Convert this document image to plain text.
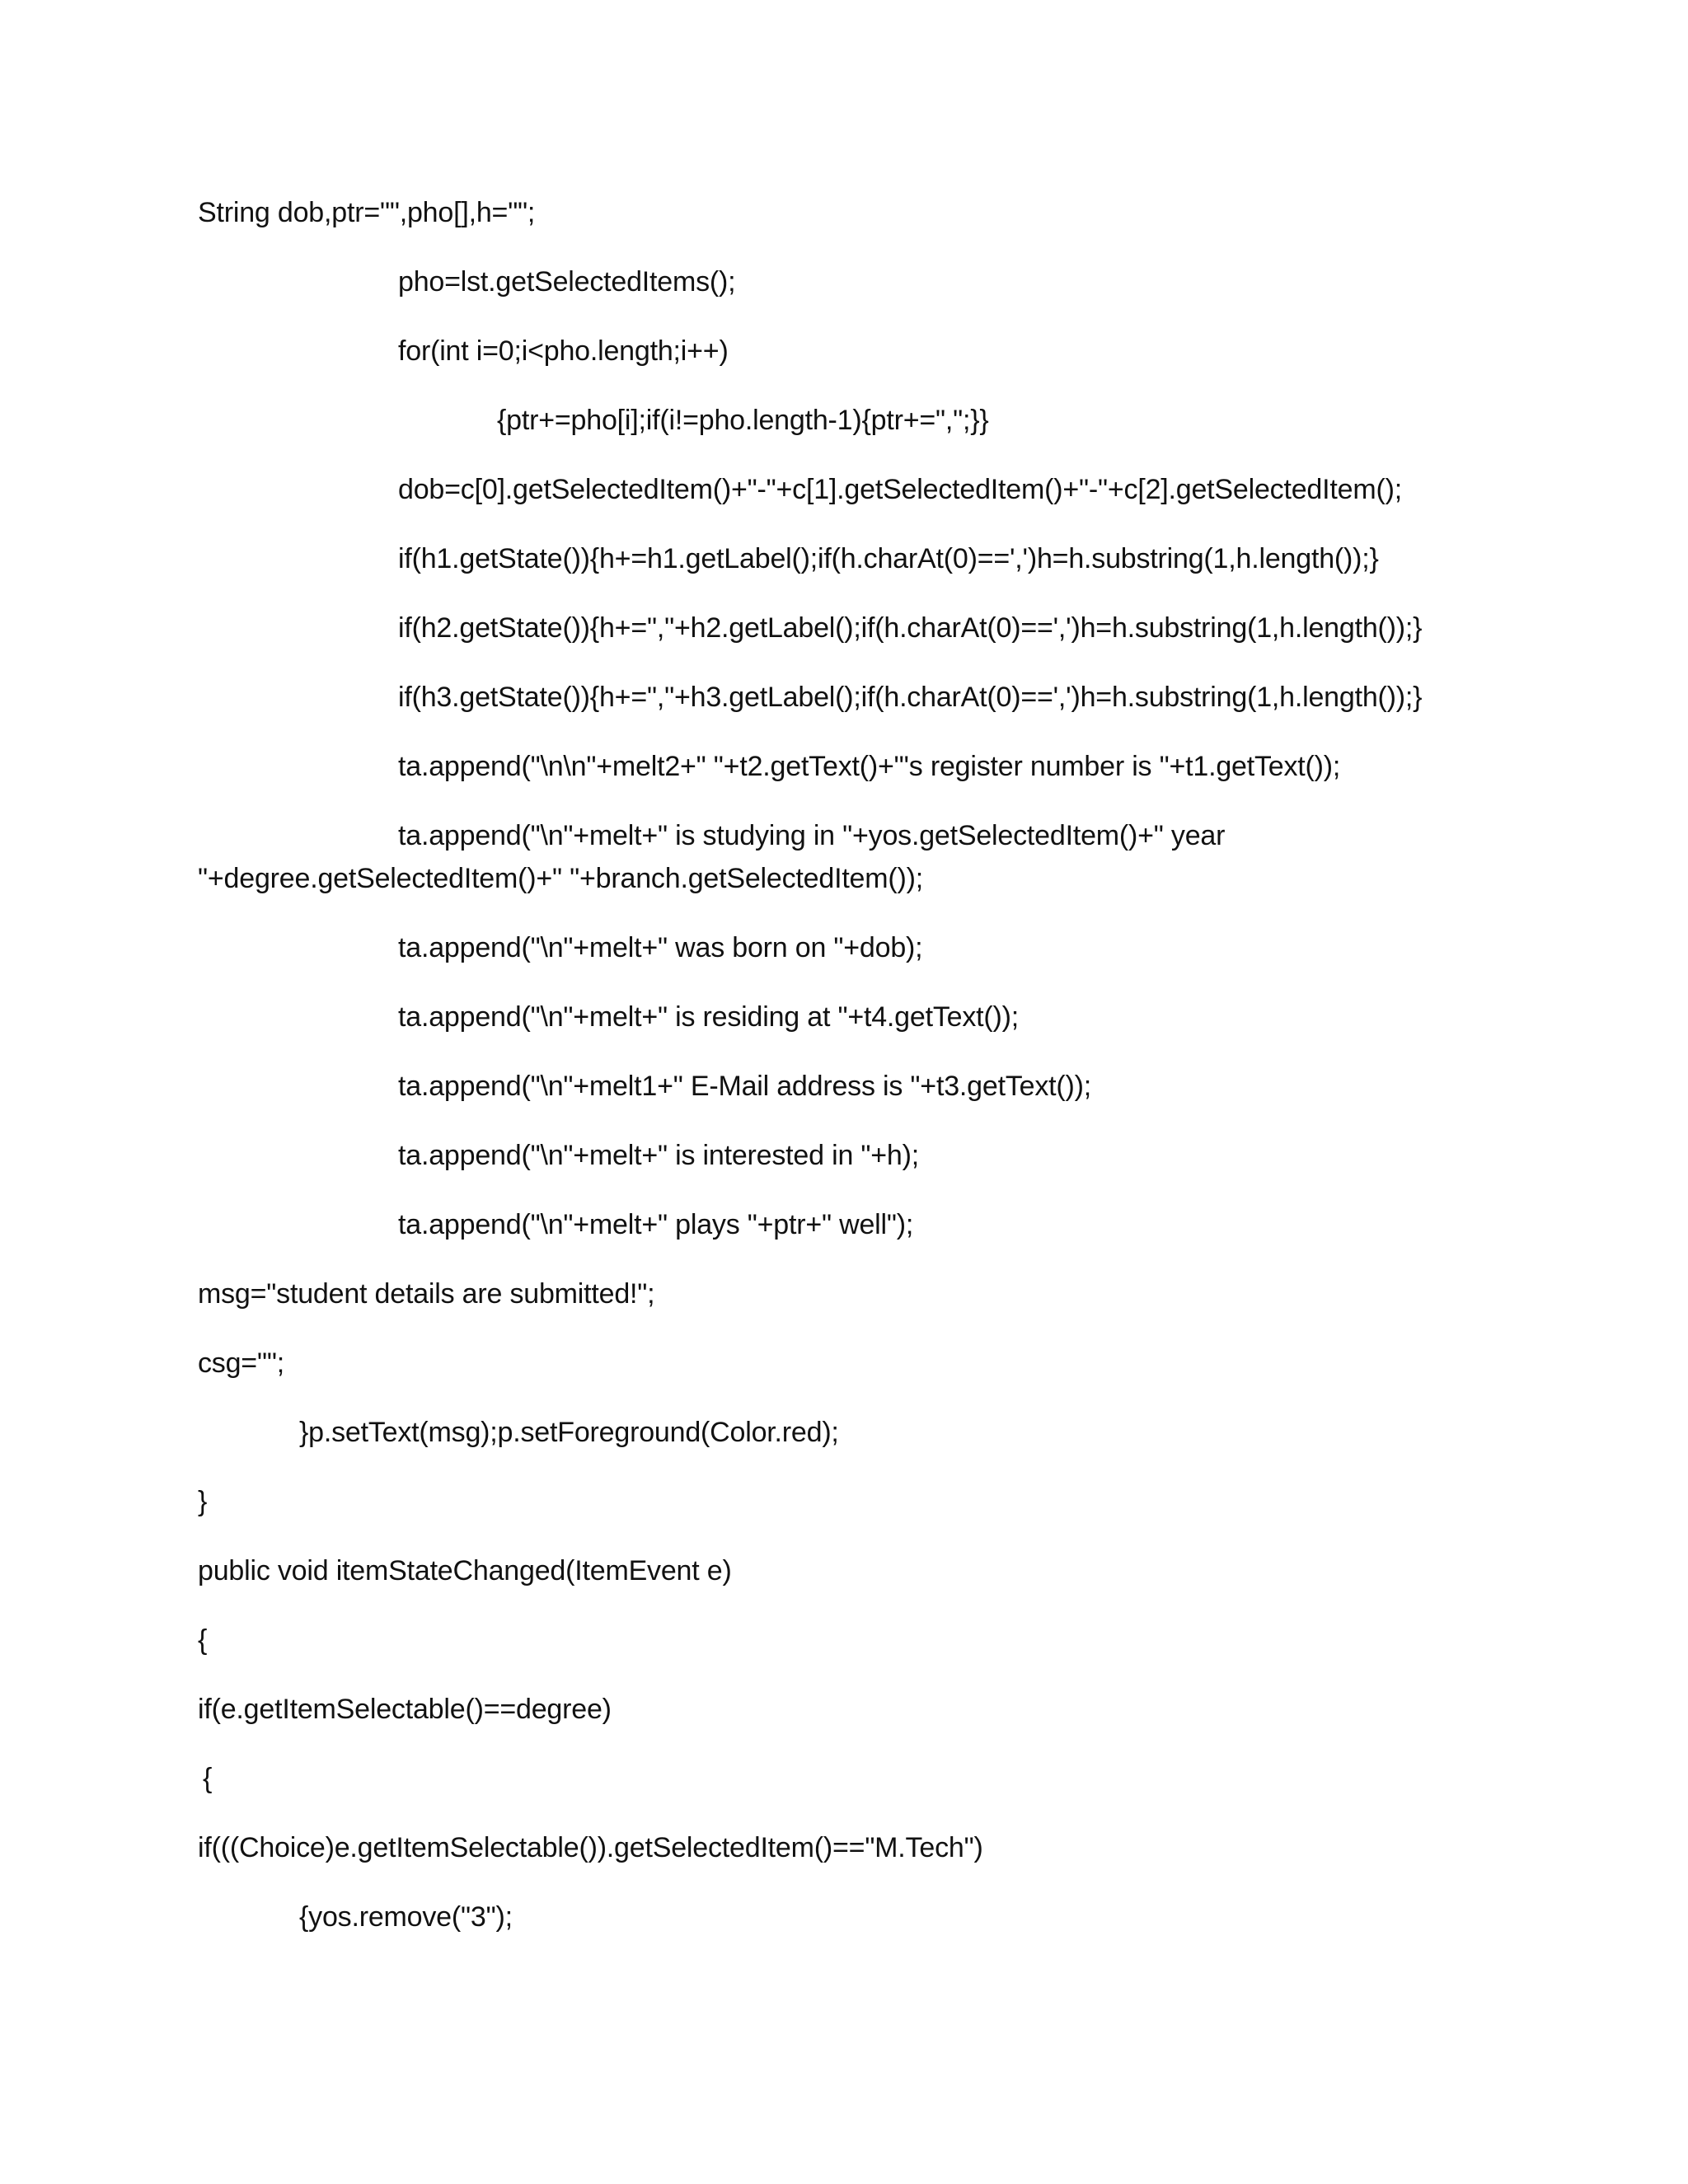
String dob,ptr="",pho[],h="";
pho=lst.getSelectedItems();
for(int i=0;i<pho.length;i++)
{ptr+=pho[i];if(i!=pho.length-1){ptr+=",";}}
dob=c[0].getSelectedItem()+"-"+c[1].getSelectedItem()+"-"+c[2].getSelectedItem();
if(h1.getState()){h+=h1.getLabel();if(h.charAt(0)==',')h=h.substring(1,h.length());}
if(h2.getState()){h+=","+h2.getLabel();if(h.charAt(0)==',')h=h.substring(1,h.length());}
if(h3.getState()){h+=","+h3.getLabel();if(h.charAt(0)==',')h=h.substring(1,h.length());}
ta.append("\n\n"+melt2+" "+t2.getText()+"'s register number is "+t1.getText());
ta.append("\n"+melt+" is studying in "+yos.getSelectedItem()+" year
"+degree.getSelectedItem()+" "+branch.getSelectedItem());
ta.append("\n"+melt+" was born on "+dob);
ta.append("\n"+melt+" is residing at "+t4.getText());
ta.append("\n"+melt1+" E-Mail address is "+t3.getText());
ta.append("\n"+melt+" is interested in "+h);
ta.append("\n"+melt+" plays "+ptr+" well");
msg="student details are submitted!";
csg="";
}p.setText(msg);p.setForeground(Color.red);
}
public void itemStateChanged(ItemEvent e)
{
if(e.getItemSelectable()==degree)
{
if(((Choice)e.getItemSelectable()).getSelectedItem()=="M.Tech")
{yos.remove("3");
